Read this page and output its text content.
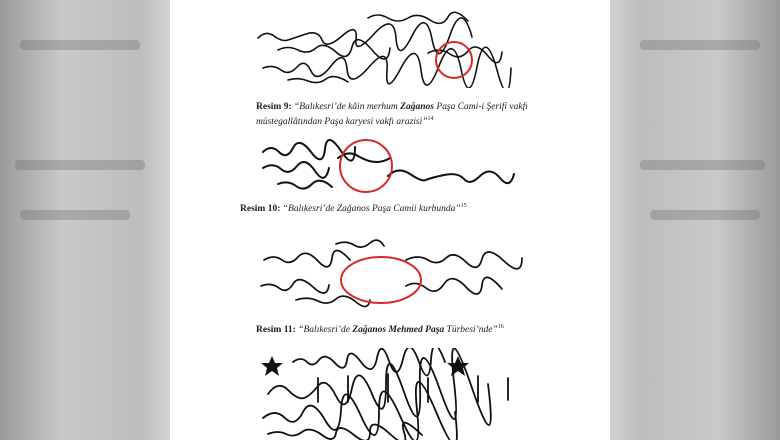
Resim 9: “Balıkesri’de kâin merhum Zağanos Paşa Cami-i Şerifi vakfı
müstegallâtından Paşa karyesi vakfı arazisi”$^{14}$
Resim 10: “Balıkesri’de Zağanos Paşa Camii kurbunda”$^{15}$
Resim 11: “Balıkesri’de Zağanos Mehmed Paşa Türbesi’nde”$^{16}$
